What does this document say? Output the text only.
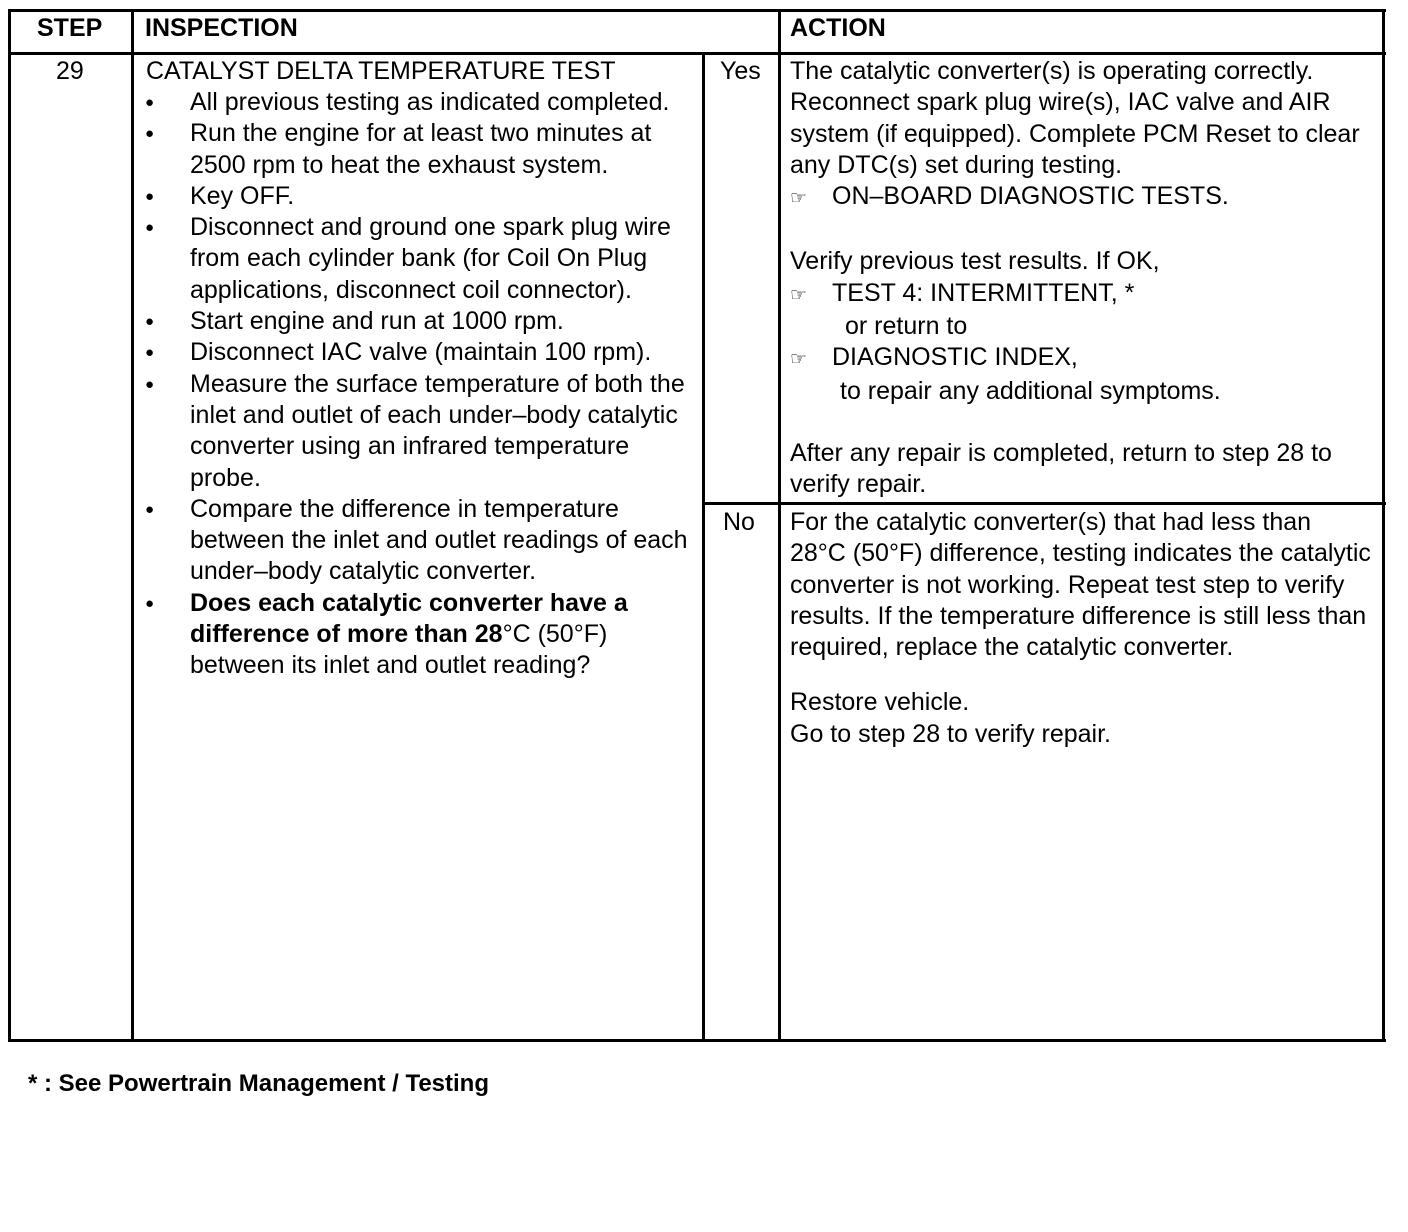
STEP INSPECTION	ACTION
29 CATALYST DELTA TEMPERATURE TEST
● All previous testing as indicated completed.
● Run the engine for at least two minutes at 2500 rpm to heat the exhaust system.
● Key OFF.
● Disconnect and ground one spark plug wire from each cylinder bank (for Coil On Plug applications, disconnect coil connector).
● Start engine and run at 1000 rpm.
● Disconnect IAC valve (maintain 100 rpm).
● Measure the surface temperature of both the inlet and outlet of each under–body catalytic converter using an infrared temperature probe.
● Compare the difference in temperature between the inlet and outlet readings of each under–body catalytic converter.
● Does each catalytic converter have a difference of more than 28°C (50°F) between its inlet and outlet reading?
Yes
No
The catalytic converter(s) is operating correctly. Reconnect spark plug wire(s), IAC valve and AIR system (if equipped). Complete PCM Reset to clear any DTC(s) set during testing.
☞ ON–BOARD DIAGNOSTIC TESTS.
Verify previous test results. If OK,
☞ TEST 4: INTERMITTENT, *
or return to
☞ DIAGNOSTIC INDEX,
to repair any additional symptoms.
After any repair is completed, return to step 28 to verify repair.
For the catalytic converter(s) that had less than 28°C (50°F) difference, testing indicates the catalytic converter is not working. Repeat test step to verify results. If the temperature difference is still less than required, replace the catalytic converter.
Restore vehicle.
Go to step 28 to verify repair.
* : See Powertrain Management / Testing
